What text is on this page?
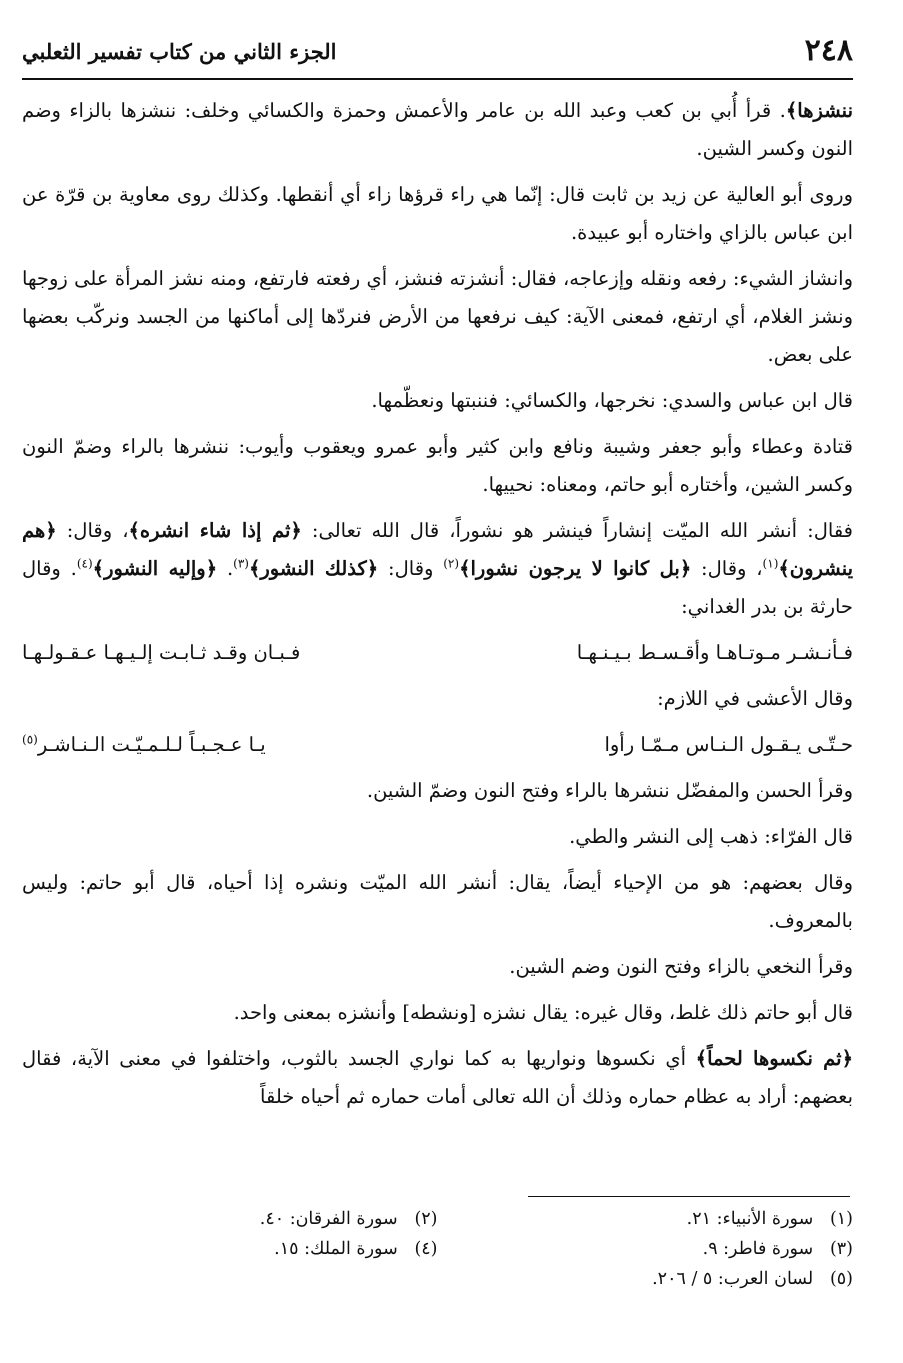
٢٤٨
الجزء الثاني من كتاب تفسير الثعلبي

ننشزها﴾. قرأ أُبي بن كعب وعبد الله بن عامر والأعمش وحمزة والكسائي وخلف: ننشزها بالزاء وضم النون وكسر الشين.

وروى أبو العالية عن زيد بن ثابت قال: إنّما هي راء قرؤها زاء أي أنقطها. وكذلك روى معاوية بن قرّة عن ابن عباس بالزاي واختاره أبو عبيدة.

وانشاز الشيء: رفعه ونقله وإزعاجه، فقال: أنشزته فنشز، أي رفعته فارتفع، ومنه نشز المرأة على زوجها ونشز الغلام، أي ارتفع، فمعنى الآية: كيف نرفعها من الأرض فنردّها إلى أماكنها من الجسد ونركّب بعضها على بعض.

قال ابن عباس والسدي: نخرجها، والكسائي: فننبتها ونعظّمها.

قتادة وعطاء وأبو جعفر وشيبة ونافع وابن كثير وأبو عمرو ويعقوب وأيوب: ننشرها بالراء وضمّ النون وكسر الشين، وأختاره أبو حاتم، ومعناه: نحييها.

فقال: أنشر الله الميّت إنشاراً فينشر هو نشوراً، قال الله تعالى: ﴿ثم إذا شاء انشره﴾، وقال: ﴿هم ينشرون﴾$^{(١)}$، وقال: ﴿بل كانوا لا يرجون نشورا﴾$^{(٢)}$ وقال: ﴿كذلك النشور﴾$^{(٣)}$. ﴿وإليه النشور﴾$^{(٤)}$. وقال حارثة بن بدر الغداني:

فـأنـشـر مـوتـاهـا وأقـسـط بـيـنـهـا
فـبـان وقـد ثـابـت إلـيـهـا عـقـولـهـا

وقال الأعشى في اللازم:

حـتّـى يـقـول الـنـاس مـمّـا رأوا
يـا عـجـبـاً لـلـمـيّـت الـنـاشـر$^{(٥)}$

وقرأ الحسن والمفضّل ننشرها بالراء وفتح النون وضمّ الشين.

قال الفرّاء: ذهب إلى النشر والطي.

وقال بعضهم: هو من الإحياء أيضاً، يقال: أنشر الله الميّت ونشره إذا أحياه، قال أبو حاتم: وليس بالمعروف.

وقرأ النخعي بالزاء وفتح النون وضم الشين.

قال أبو حاتم ذلك غلط، وقال غيره: يقال نشزه [ونشطه] وأنشزه بمعنى واحد.

﴿ثم نكسوها لحماً﴾ أي نكسوها ونواريها به كما نواري الجسد بالثوب، واختلفوا في معنى الآية، فقال بعضهم: أراد به عظام حماره وذلك أن الله تعالى أمات حماره ثم أحياه خلقاً

(١)   سورة الأنبياء: ٢١.
(٢)   سورة الفرقان: ٤٠.
(٣)   سورة فاطر: ٩.
(٤)   سورة الملك: ١٥.
(٥)   لسان العرب: ٥ / ٢٠٦.
